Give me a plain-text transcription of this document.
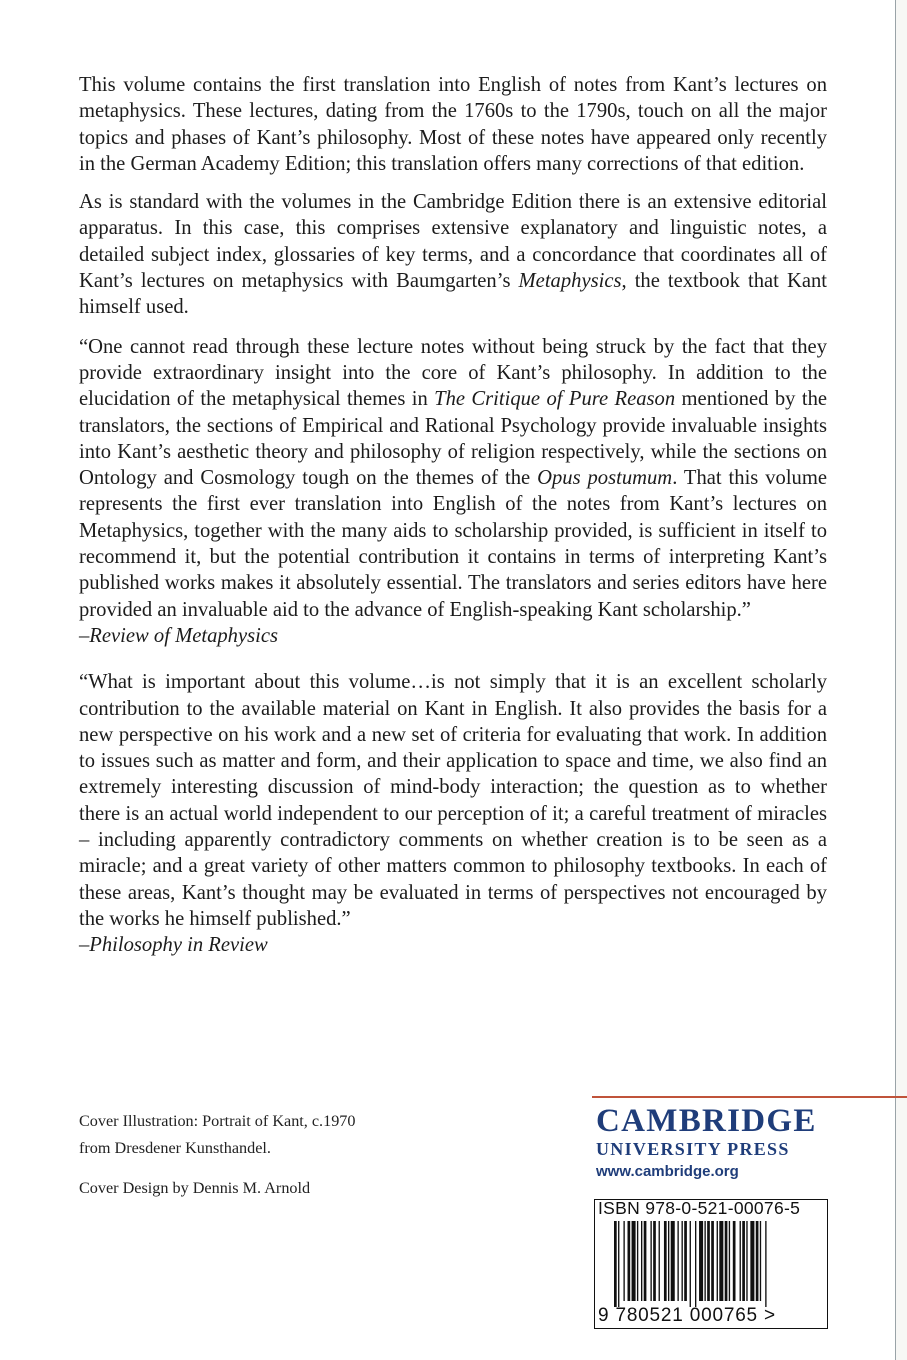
This volume contains the first translation into English of notes from Kant’s lectures on metaphysics. These lectures, dating from the 1760s to the 1790s, touch on all the major topics and phases of Kant’s philosophy. Most of these notes have appeared only recently in the German Academy Edition; this translation offers many corrections of that edition.

As is standard with the volumes in the Cambridge Edition there is an extensive editorial apparatus. In this case, this comprises extensive explanatory and linguistic notes, a detailed subject index, glossaries of key terms, and a concordance that coordinates all of Kant’s lectures on metaphysics with Baumgarten’s Metaphysics, the textbook that Kant himself used.

“One cannot read through these lecture notes without being struck by the fact that they provide extraordinary insight into the core of Kant’s philosophy. In addition to the elucidation of the metaphysical themes in The Critique of Pure Reason mentioned by the translators, the sections of Empirical and Rational Psychology provide invaluable insights into Kant’s aesthetic theory and philosophy of religion respectively, while the sections on Ontology and Cosmology tough on the themes of the Opus postumum. That this volume represents the first ever translation into English of the notes from Kant’s lectures on Metaphysics, together with the many aids to scholarship provided, is sufficient in itself to recommend it, but the potential contribution it contains in terms of interpreting Kant’s published works makes it absolutely essential. The translators and series editors have here provided an invaluable aid to the advance of English-speaking Kant scholarship.”

–Review of Metaphysics

“What is important about this volume…is not simply that it is an excellent scholarly contribution to the available material on Kant in English. It also provides the basis for a new perspective on his work and a new set of criteria for evaluating that work. In addition to issues such as matter and form, and their application to space and time, we also find an extremely interesting discussion of mind-body interaction; the question as to whether there is an actual world independent to our perception of it; a careful treatment of miracles – including apparently contradictory comments on whether creation is to be seen as a miracle; and a great variety of other matters common to philosophy textbooks. In each of these areas, Kant’s thought may be evaluated in terms of perspectives not encouraged by the works he himself published.”

–Philosophy in Review

Cover Illustration: Portrait of Kant, c.1970

from Dresdener Kunsthandel.

Cover Design by Dennis M. Arnold

CAMBRIDGE
UNIVERSITY PRESS
www.cambridge.org
ISBN 978-0-521-00076-5
9 780521 000765 >
